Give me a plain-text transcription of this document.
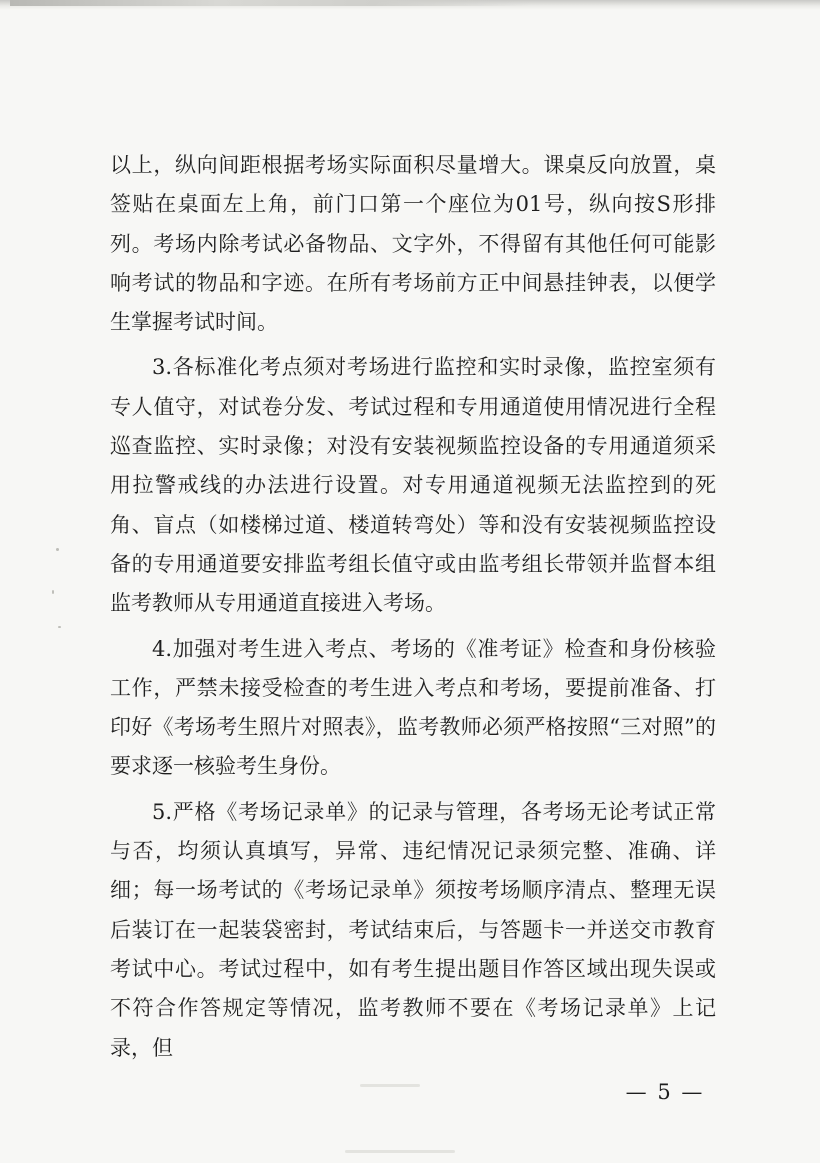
以上，纵向间距根据考场实际面积尽量增大。课桌反向放置，桌签贴在桌面左上角，前门口第一个座位为01号，纵向按S形排列。考场内除考试必备物品、文字外，不得留有其他任何可能影响考试的物品和字迹。在所有考场前方正中间悬挂钟表，以便学生掌握考试时间。

3.各标准化考点须对考场进行监控和实时录像，监控室须有专人值守，对试卷分发、考试过程和专用通道使用情况进行全程巡查监控、实时录像；对没有安装视频监控设备的专用通道须采用拉警戒线的办法进行设置。对专用通道视频无法监控到的死角、盲点（如楼梯过道、楼道转弯处）等和没有安装视频监控设备的专用通道要安排监考组长值守或由监考组长带领并监督本组监考教师从专用通道直接进入考场。

4.加强对考生进入考点、考场的《准考证》检查和身份核验工作，严禁未接受检查的考生进入考点和考场，要提前准备、打印好《考场考生照片对照表》，监考教师必须严格按照“三对照”的要求逐一核验考生身份。

5.严格《考场记录单》的记录与管理，各考场无论考试正常与否，均须认真填写，异常、违纪情况记录须完整、准确、详细；每一场考试的《考场记录单》须按考场顺序清点、整理无误后装订在一起装袋密封，考试结束后，与答题卡一并送交市教育考试中心。考试过程中，如有考生提出题目作答区域出现失误或不符合作答规定等情况，监考教师不要在《考场记录单》上记录，但

— 5 —
